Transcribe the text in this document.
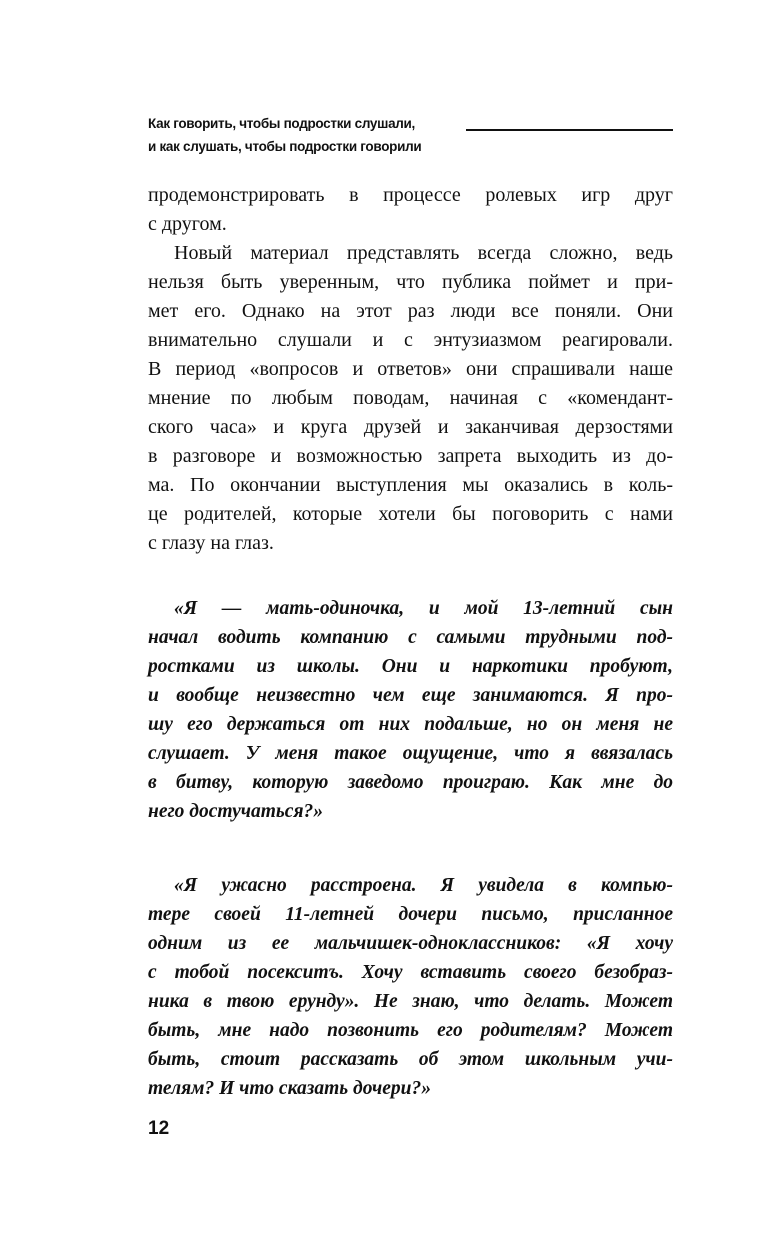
Как говорить, чтобы подростки слушали,
и как слушать, чтобы подростки говорили
продемонстрировать в процессе ролевых игр друг
с другом.
Новый материал представлять всегда сложно, ведь
нельзя быть уверенным, что публика поймет и при-
мет его. Однако на этот раз люди все поняли. Они
внимательно слушали и с энтузиазмом реагировали.
В период «вопросов и ответов» они спрашивали наше
мнение по любым поводам, начиная с «комендант-
ского часа» и круга друзей и заканчивая дерзостями
в разговоре и возможностью запрета выходить из до-
ма. По окончании выступления мы оказались в коль-
це родителей, которые хотели бы поговорить с нами
с глазу на глаз.
«Я — мать-одиночка, и мой 13-летний сын
начал водить компанию с самыми трудными под-
ростками из школы. Они и наркотики пробуют,
и вообще неизвестно чем еще занимаются. Я про-
шу его держаться от них подальше, но он меня не
слушает. У меня такое ощущение, что я ввязалась
в битву, которую заведомо проиграю. Как мне до
него достучаться?»
«Я ужасно расстроена. Я увидела в компью-
тере своей 11-летней дочери письмо, присланное
одним из ее мальчишек-одноклассников: «Я хочу
с тобой посекситъ. Хочу вставить своего безобраз-
ника в твою ерунду». Не знаю, что делать. Может
быть, мне надо позвонить его родителям? Может
быть, стоит рассказать об этом школьным учи-
телям? И что сказать дочери?»
12
